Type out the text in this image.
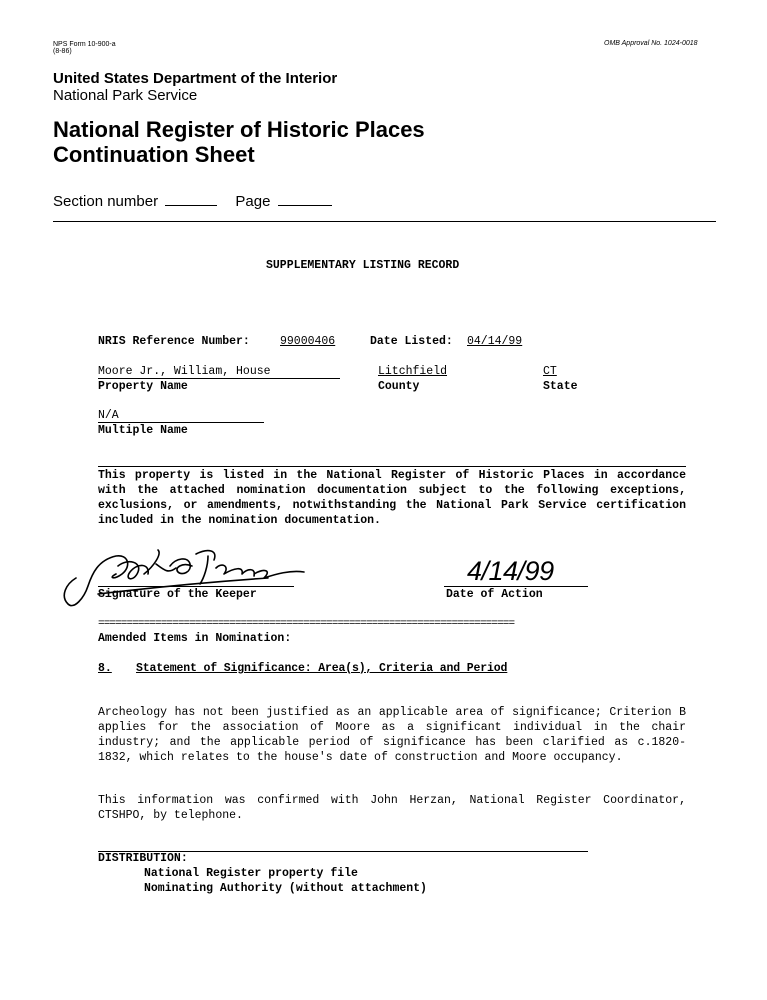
NPS Form 10-900-a
(8-86)
OMB Approval No. 1024-0018
United States Department of the Interior
National Park Service
National Register of Historic Places
Continuation Sheet
Section number	Page
SUPPLEMENTARY LISTING RECORD
NRIS Reference Number:	99000406	Date Listed: 04/14/99
Moore Jr., William, House	Litchfield	CT
Property Name	County	State
N/A
Multiple Name
This property is listed in the National Register of Historic Places in accordance with the attached nomination documentation subject to the following exceptions, exclusions, or amendments, notwithstanding the National Park Service certification included in the nomination documentation.
Signature of the Keeper
4/14/99
Date of Action
=========================================================================
Amended Items in Nomination:
8. Statement of Significance: Area(s), Criteria and Period
Archeology has not been justified as an applicable area of significance; Criterion B applies for the association of Moore as a significant individual in the chair industry; and the applicable period of significance has been clarified as c.1820-1832, which relates to the house's date of construction and Moore occupancy.
This information was confirmed with John Herzan, National Register Coordinator, CTSHPO, by telephone.
DISTRIBUTION:
National Register property file
Nominating Authority (without attachment)
